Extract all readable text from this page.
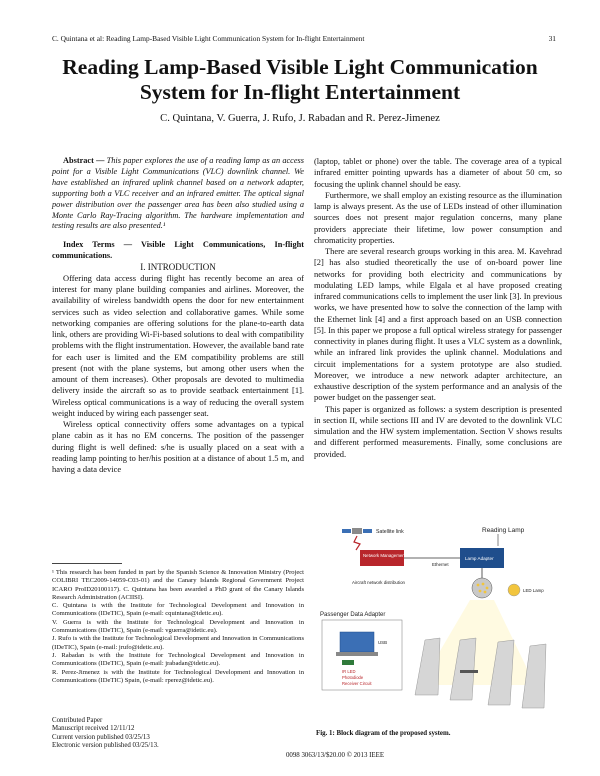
C. Quintana et al: Reading Lamp-Based Visible Light Communication System for In-flight Entertainment	31
Reading Lamp-Based Visible Light Communication System for In-flight Entertainment
C. Quintana, V. Guerra, J. Rufo, J. Rabadan and R. Perez-Jimenez

Abstract — This paper explores the use of a reading lamp as an access point for a Visible Light Communications (VLC) downlink channel. We have established an infrared uplink channel based on a network adapter, supporting both a VLC receiver and an infrared emitter. The optical signal power distribution over the passenger area has been also studied using a Monte Carlo Ray-Tracing algorithm. The hardware implementation and testing results are also presented.¹

Index Terms — Visible Light Communications, In-flight communications.

I. INTRODUCTION

Offering data access during flight has recently become an area of interest for many plane building companies and airlines. Moreover, the availability of wireless bandwidth opens the door for new entertainment services such as video selection and collaborative games. While some networking companies are offering solutions for the plane-to-earth data link, others are providing Wi-Fi-based solutions to deal with compatibility problems with the flight instrumentation. However, the available band rate for each user is limited and the EM compatibility problems are still present (not with the plane systems, but among other users when the amount of them increases). Other proposals are devoted to multimedia delivery inside the aircraft so as to provide seatback entertainment [1]. Wireless optical communications is a way of reducing the overall system weight induced by wiring each passenger seat.

Wireless optical connectivity offers some advantages on a typical plane cabin as it has no EM concerns. The position of the passenger during flight is well defined: s/he is usually placed on a seat with a reading lamp pointing to her/his position at a distance of about 1.5 m, and having a data device

(laptop, tablet or phone) over the table. The coverage area of a typical infrared emitter pointing upwards has a diameter of about 50 cm, so focusing the uplink channel should be easy.

Furthermore, we shall employ an existing resource as the illumination lamp is always present. As the use of LEDs instead of other illumination sources does not present major regulation concerns, many plane providers appreciate their lifetime, low power consumption and chromaticity properties.

There are several research groups working in this area. M. Kavehrad [2] has also studied theoretically the use of on-board power line networks for providing both electricity and communications by modulating LED lamps, while Elgala et al have proposed creating infrared communications cells to implement the user link [3]. In previous works, we have presented how to solve the connection of the lamp with the Ethernet link [4] and a first approach based on an USB connection [5]. In this paper we propose a full optical wireless strategy for passenger connectivity in planes during flight. It uses a VLC system as a downlink, while an infrared link provides the uplink channel. Modulations and circuit implementations for a system prototype are also studied. Moreover, we introduce a new network adapter architecture, an exhaustive description of the system performance and an analysis of the power budget on the passenger seat.

This paper is organized as follows: a system description is presented in section II, while sections III and IV are devoted to the downlink VLC simulation and the HW system implementation. Section V shows results and different performed measurements. Finally, some conclusions are provided.

¹ This research has been funded in part by the Spanish Science & Innovation Ministry (Project COLIBRI TEC2009-14059-C03-01) and the Canary Islands Regional Government Project ICARO ProID20100117). C. Quintana has been awarded a PhD grant of the Canary Islands Research Administration (ACIISI).

C. Quintana is with the Institute for Technological Development and Innovation in Communications (IDeTIC), Spain (e-mail: cquintana@idetic.eu).

V. Guerra is with the Institute for Technological Development and Innovation in Communications (IDeTIC), Spain (e-mail: vguerra@idetic.eu).

J. Rufo is with the Institute for Technological Development and Innovation in Communications (IDeTIC), Spain (e-mail: jrufo@idetic.eu).

J. Rabadan is with the Institute for Technological Development and Innovation in Communications (IDeTIC), Spain (e-mail: jrabadan@idetic.eu).

R. Perez-Jimenez is with the Institute for Technological Development and Innovation in Communications (IDeTIC) Spain, (e-mail: rperez@idetic.eu).

Contributed Paper
Manuscript received 12/11/12
Current version published 03/25/13
Electronic version published 03/25/13.
0098 3063/13/$20.00 © 2013 IEEE
Satellite link	Reading Lamp
Network Management
Lamp Adapter
Ethernet
Aircraft network distribution
LED Lamp
Passenger Data Adapter
USB
IR LED
Photodiode
Receiver Circuit
Fig. 1: Block diagram of the proposed system.
